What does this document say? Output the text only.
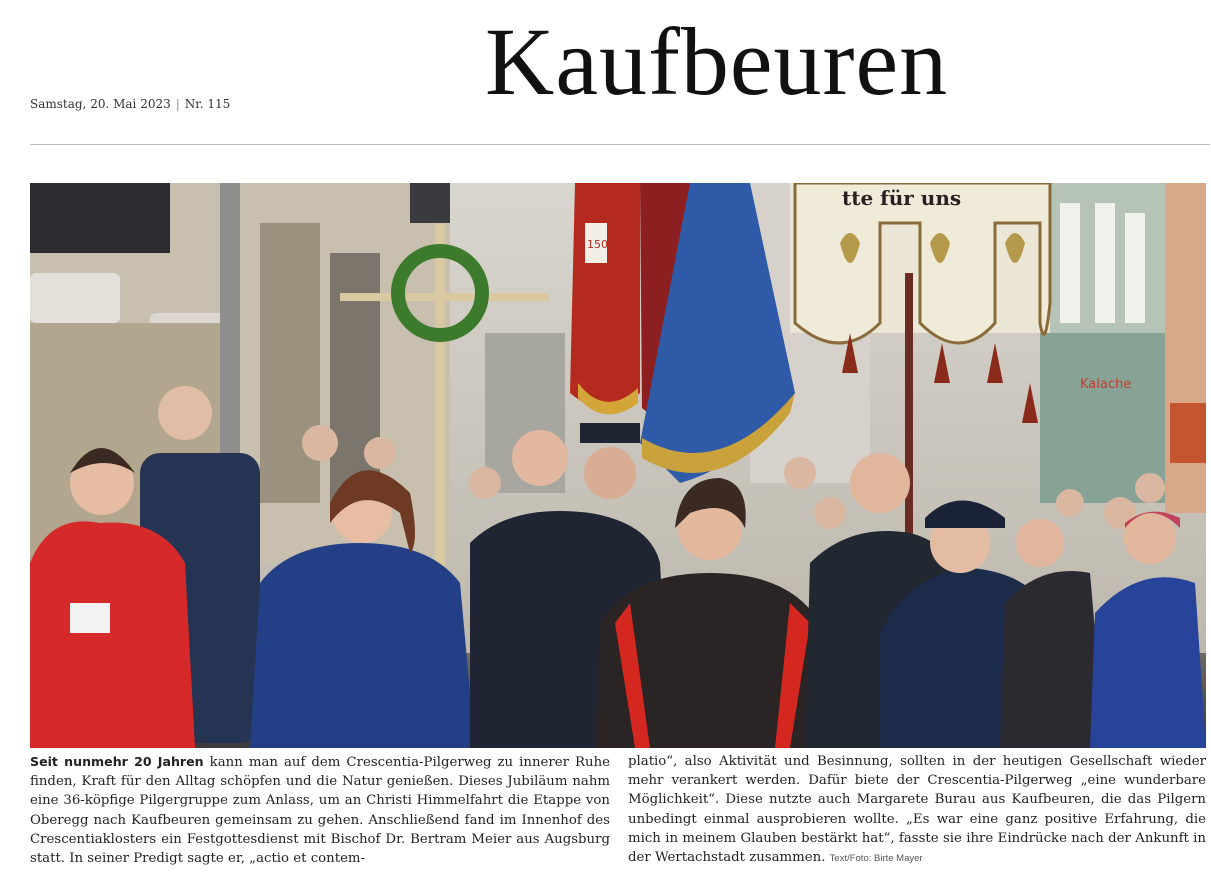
Kaufbeuren
Samstag, 20. Mai 2023 | Nr. 115
Kalache
tte für uns
150
Seit nunmehr 20 Jahren kann man auf dem Crescentia-Pilgerweg zu innerer Ruhe finden, Kraft für den Alltag schöpfen und die Natur genießen. Dieses Jubiläum nahm eine 36-köpfige Pilgergruppe zum Anlass, um an Christi Himmelfahrt die Etappe von Oberegg nach Kaufbeuren gemeinsam zu gehen. Anschließend fand im Innenhof des Crescentiaklosters ein Festgottesdienst mit Bischof Dr. Bertram Meier aus Augsburg statt. In seiner Predigt sagte er, „actio et contem-
platio“, also Aktivität und Besinnung, sollten in der heutigen Gesellschaft wieder mehr verankert werden. Dafür biete der Crescentia-Pilgerweg „eine wunderbare Möglichkeit“. Diese nutzte auch Margarete Burau aus Kaufbeuren, die das Pilgern unbedingt einmal ausprobieren wollte. „Es war eine ganz positive Erfahrung, die mich in meinem Glauben bestärkt hat“, fasste sie ihre Eindrücke nach der Ankunft in der Wertachstadt zusammen. Text/Foto: Birte Mayer
